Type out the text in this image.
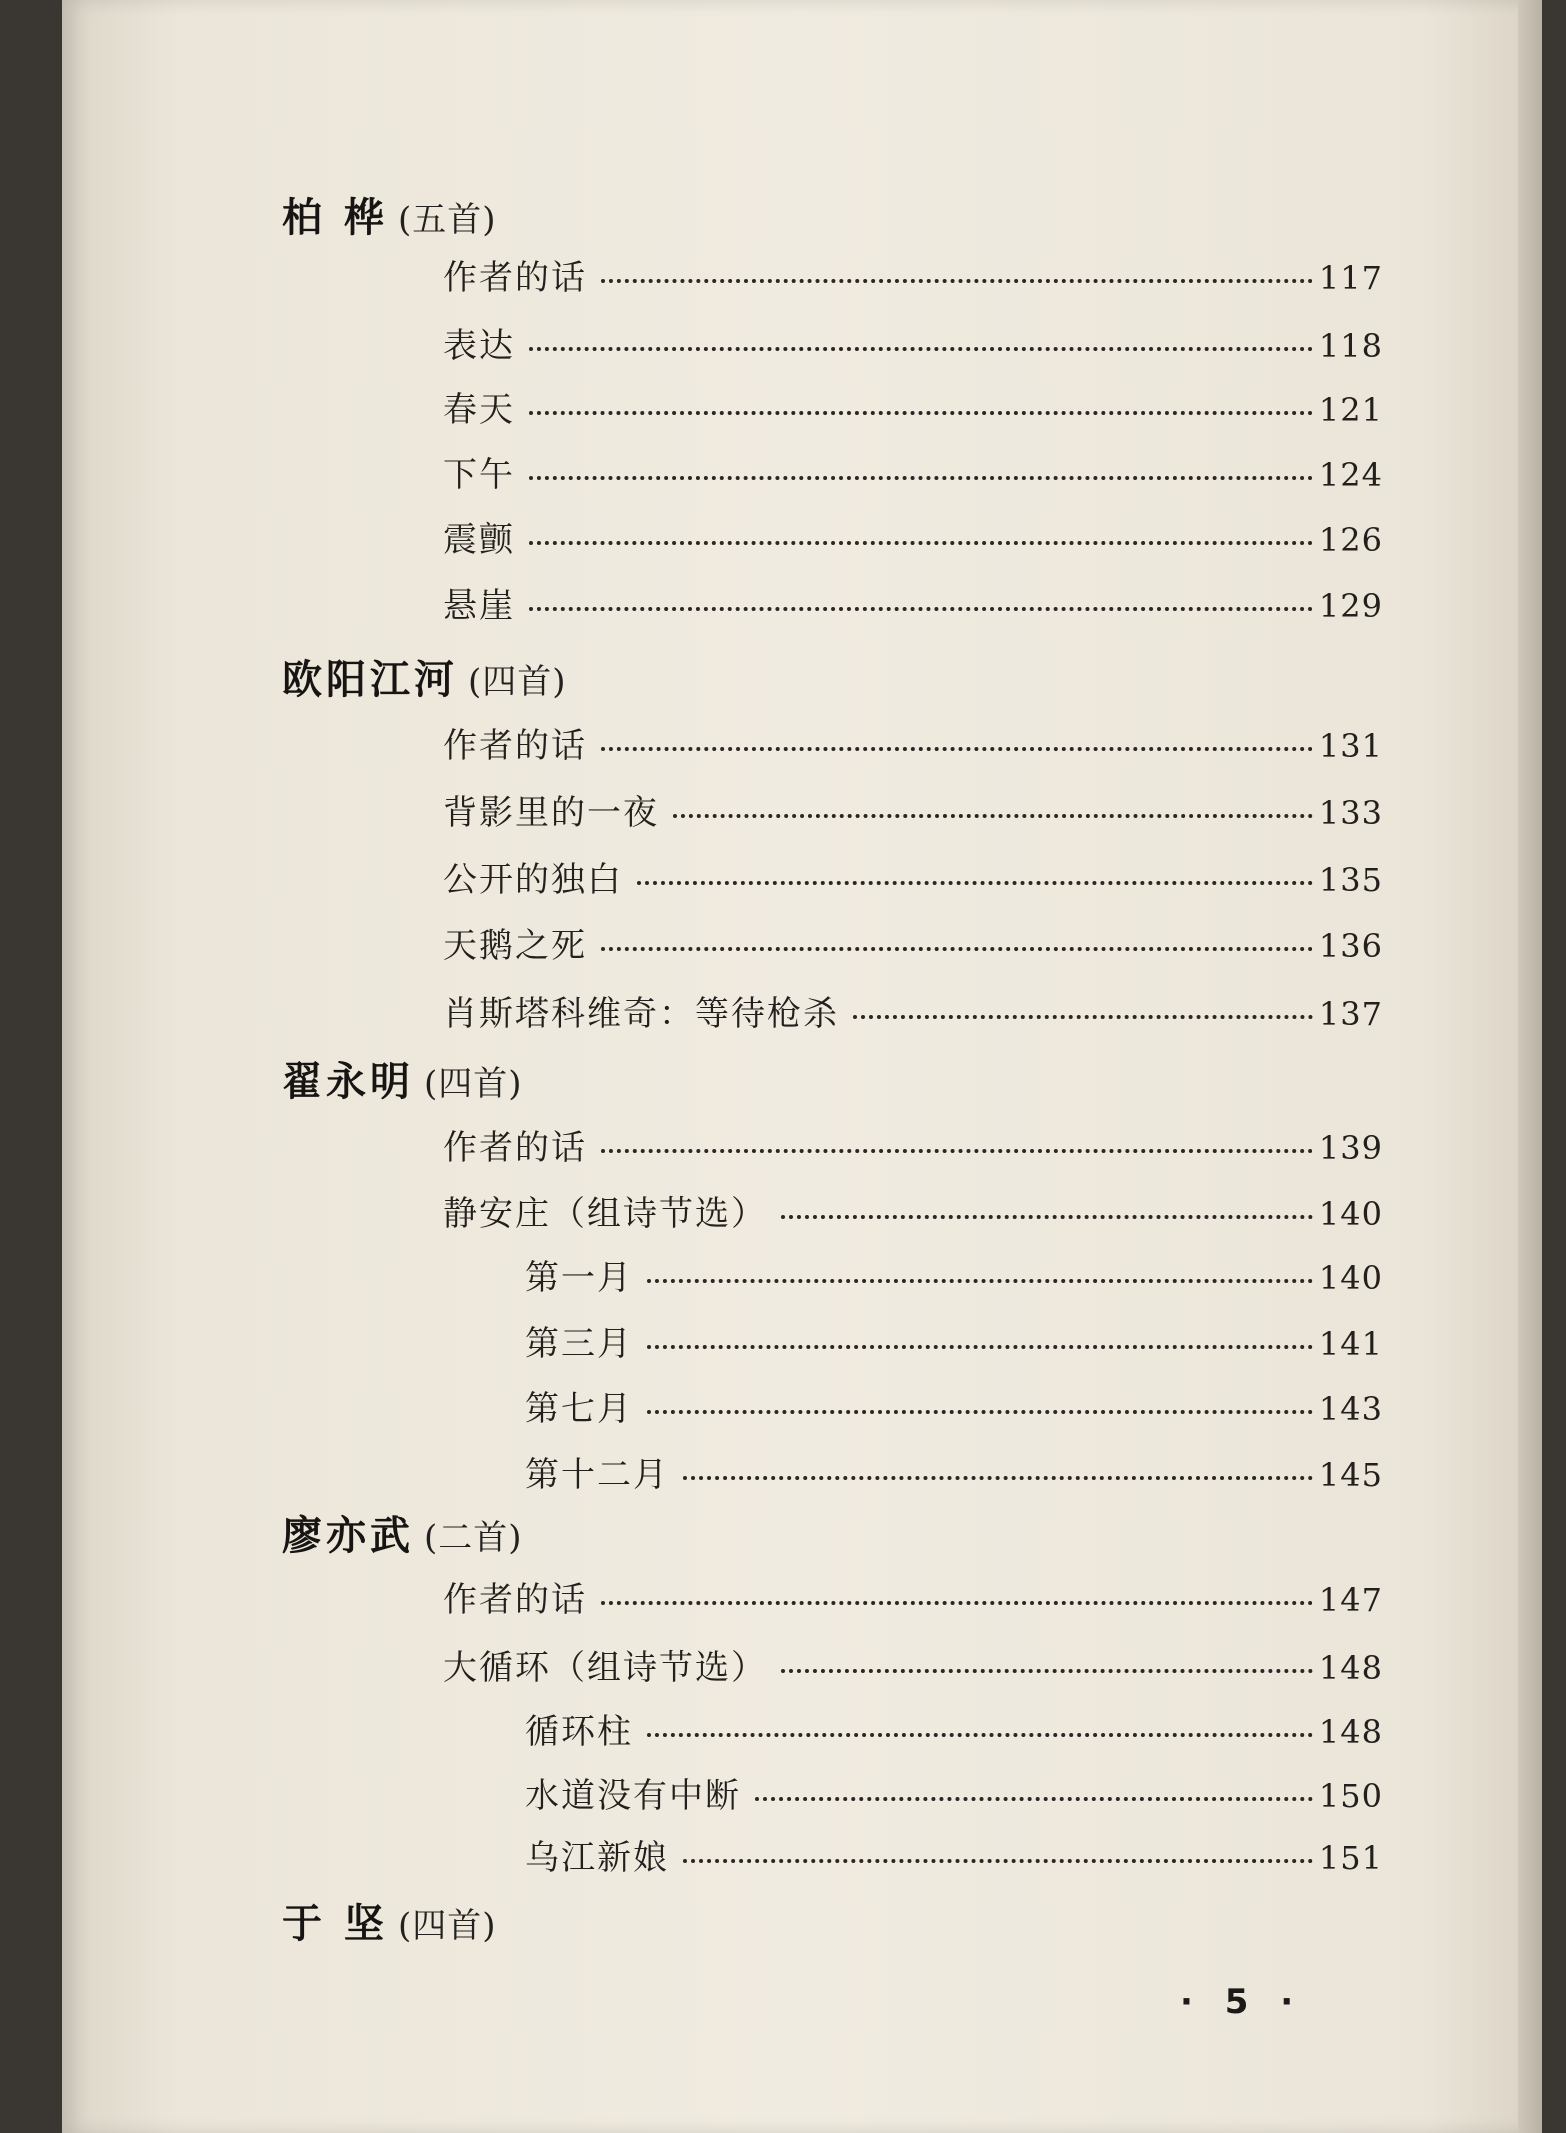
柏 桦 (五首)
作者的话	117
表达	118
春天	121
下午	124
震颤	126
悬崖	129
欧阳江河 (四首)
作者的话	131
背影里的一夜	133
公开的独白	135
天鹅之死	136
肖斯塔科维奇：等待枪杀	137
翟永明 (四首)
作者的话	139
静安庄（组诗节选）	140
第一月	140
第三月	141
第七月	143
第十二月	145
廖亦武 (二首)
作者的话	147
大循环（组诗节选）	148
循环柱	148
水道没有中断	150
乌江新娘	151
于 坚 (四首)
· 5 ·
